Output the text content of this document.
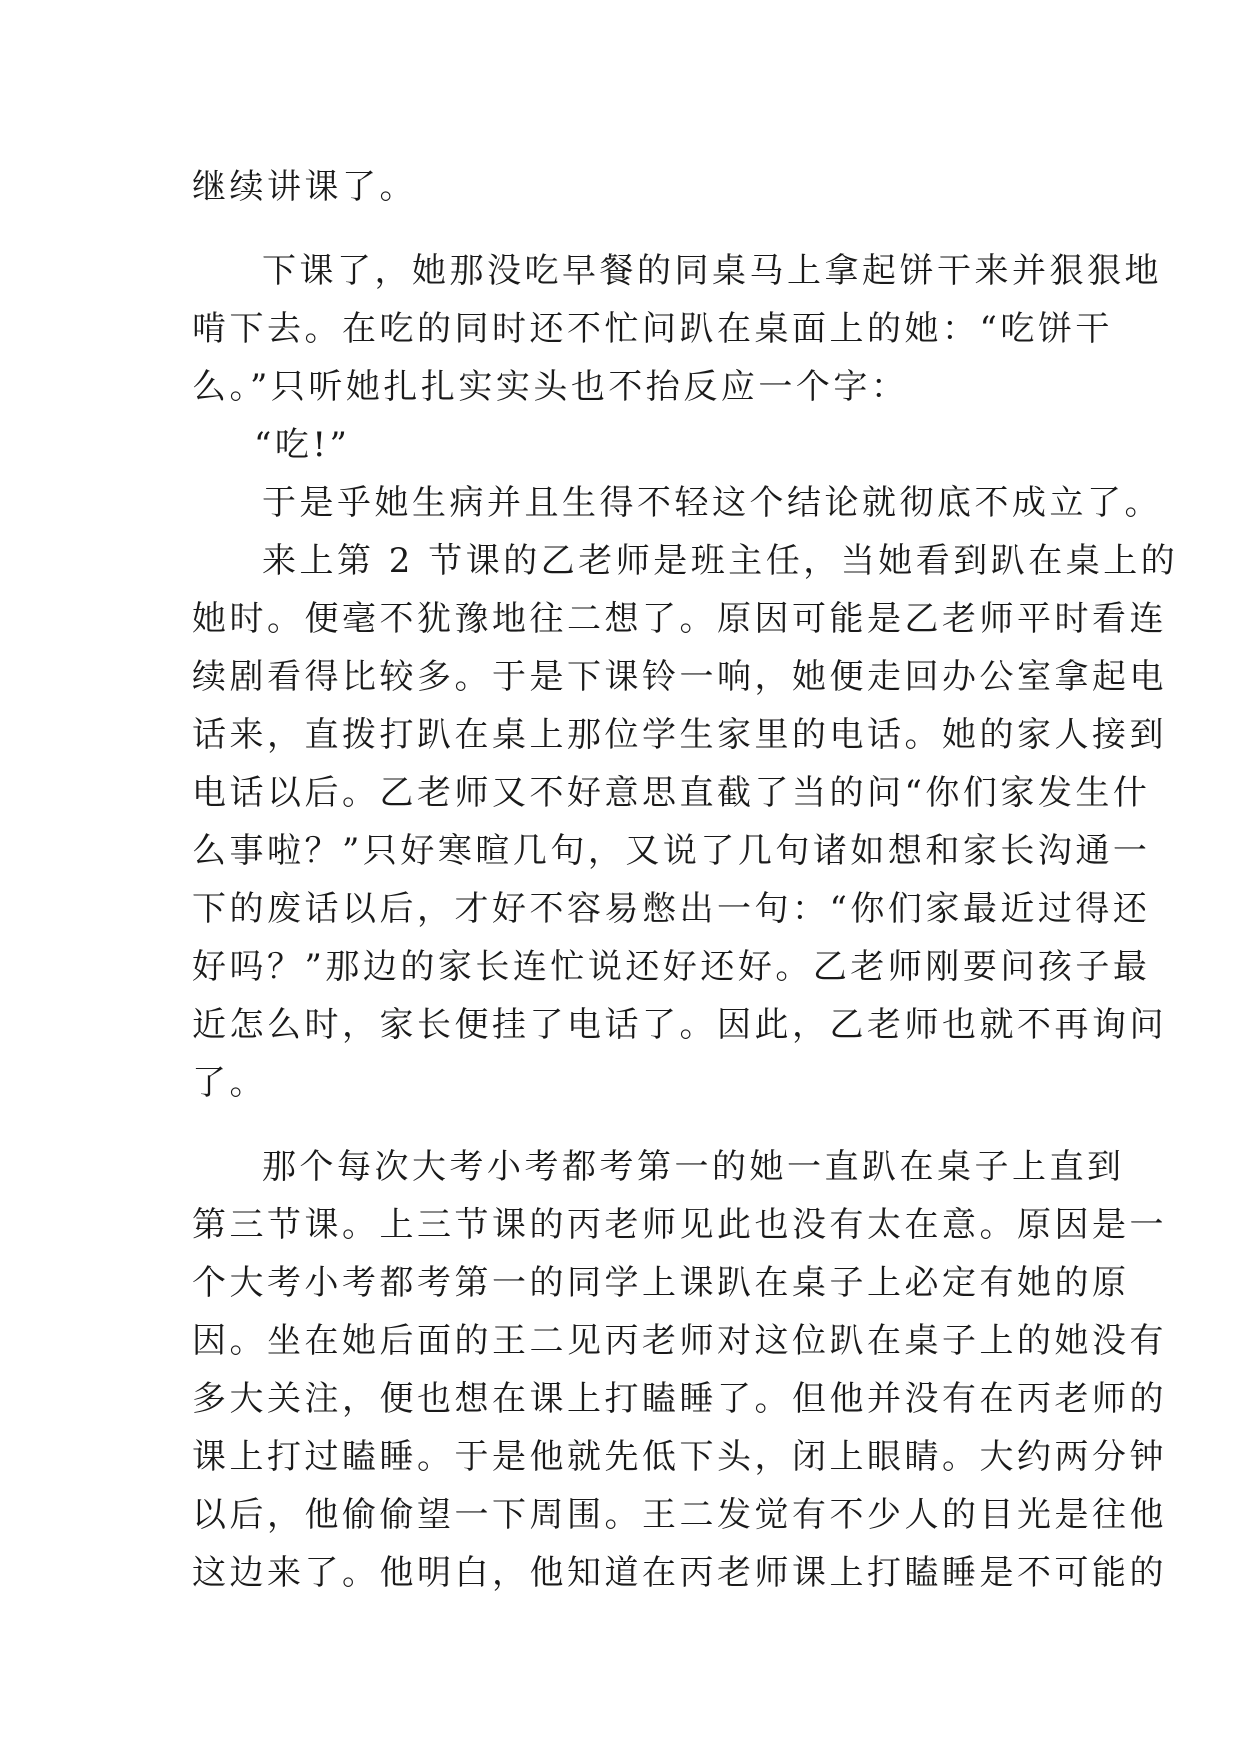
继续讲课了。
下课了，她那没吃早餐的同桌马上拿起饼干来并狠狠地
啃下去。在吃的同时还不忙问趴在桌面上的她：“吃饼干
么。”只听她扎扎实实头也不抬反应一个字：
“吃!”
于是乎她生病并且生得不轻这个结论就彻底不成立了。
来上第 2 节课的乙老师是班主任，当她看到趴在桌上的
她时。便毫不犹豫地往二想了。原因可能是乙老师平时看连
续剧看得比较多。于是下课铃一响，她便走回办公室拿起电
话来，直拨打趴在桌上那位学生家里的电话。她的家人接到
电话以后。乙老师又不好意思直截了当的问“你们家发生什
么事啦？”只好寒暄几句，又说了几句诸如想和家长沟通一
下的废话以后，才好不容易憋出一句：“你们家最近过得还
好吗？”那边的家长连忙说还好还好。乙老师刚要问孩子最
近怎么时，家长便挂了电话了。因此，乙老师也就不再询问
了。
那个每次大考小考都考第一的她一直趴在桌子上直到
第三节课。上三节课的丙老师见此也没有太在意。原因是一
个大考小考都考第一的同学上课趴在桌子上必定有她的原
因。坐在她后面的王二见丙老师对这位趴在桌子上的她没有
多大关注，便也想在课上打瞌睡了。但他并没有在丙老师的
课上打过瞌睡。于是他就先低下头，闭上眼睛。大约两分钟
以后，他偷偷望一下周围。王二发觉有不少人的目光是往他
这边来了。他明白，他知道在丙老师课上打瞌睡是不可能的
